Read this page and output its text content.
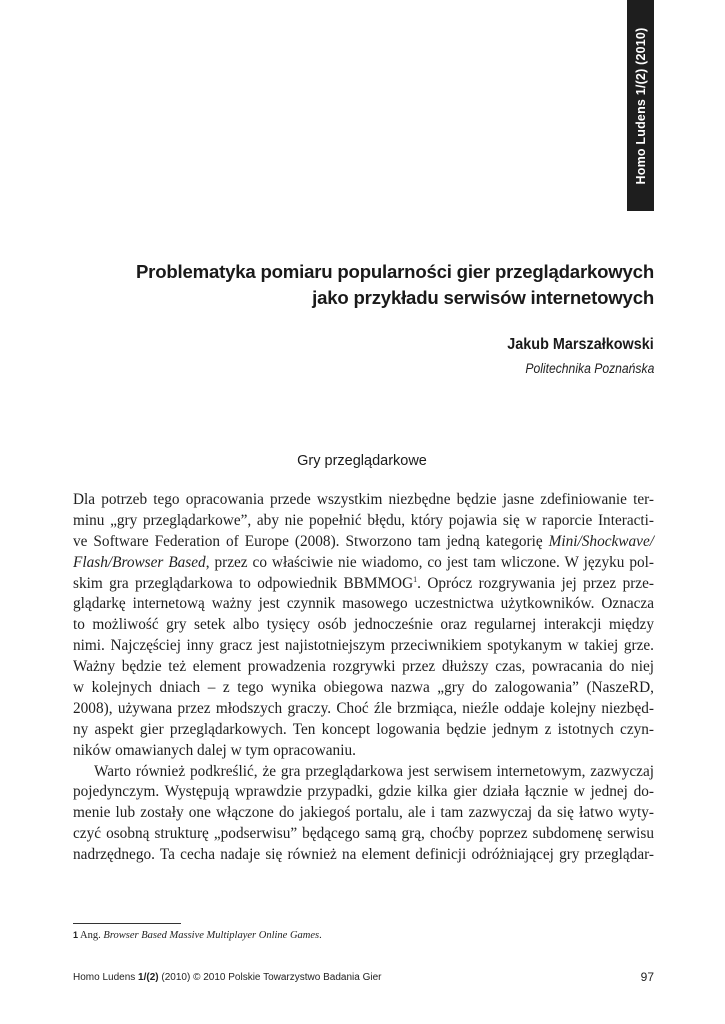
Homo Ludens 1/(2) (2010)
Problematyka pomiaru popularności gier przeglądarkowych
jako przykładu serwisów internetowych
Jakub Marszałkowski
Politechnika Poznańska
Gry przeglądarkowe
Dla potrzeb tego opracowania przede wszystkim niezbędne będzie jasne zdefiniowanie ter-
minu „gry przeglądarkowe”, aby nie popełnić błędu, który pojawia się w raporcie Interacti-
ve Software Federation of Europe (2008). Stworzono tam jedną kategorię Mini/Shockwave/
Flash/Browser Based, przez co właściwie nie wiadomo, co jest tam wliczone. W języku pol-
skim gra przeglądarkowa to odpowiednik BBMMOG$^1$. Oprócz rozgrywania jej przez prze-
glądarkę internetową ważny jest czynnik masowego uczestnictwa użytkowników. Oznacza
to możliwość gry setek albo tysięcy osób jednocześnie oraz regularnej interakcji między
nimi. Najczęściej inny gracz jest najistotniejszym przeciwnikiem spotykanym w takiej grze.
Ważny będzie też element prowadzenia rozgrywki przez dłuższy czas, powracania do niej
w kolejnych dniach – z tego wynika obiegowa nazwa „gry do zalogowania” (NaszeRD,
2008), używana przez młodszych graczy. Choć źle brzmiąca, nieźle oddaje kolejny niezbęd-
ny aspekt gier przeglądarkowych. Ten koncept logowania będzie jednym z istotnych czyn-
ników omawianych dalej w tym opracowaniu.
Warto również podkreślić, że gra przeglądarkowa jest serwisem internetowym, zazwyczaj
pojedynczym. Występują wprawdzie przypadki, gdzie kilka gier działa łącznie w jednej do-
menie lub zostały one włączone do jakiegoś portalu, ale i tam zazwyczaj da się łatwo wyty-
czyć osobną strukturę „podserwisu” będącego samą grą, choćby poprzez subdomenę serwisu
nadrzędnego. Ta cecha nadaje się również na element definicji odróżniającej gry przeglądar-
1 Ang. Browser Based Massive Multiplayer Online Games.
Homo Ludens 1/(2) (2010) © 2010 Polskie Towarzystwo Badania Gier	97
